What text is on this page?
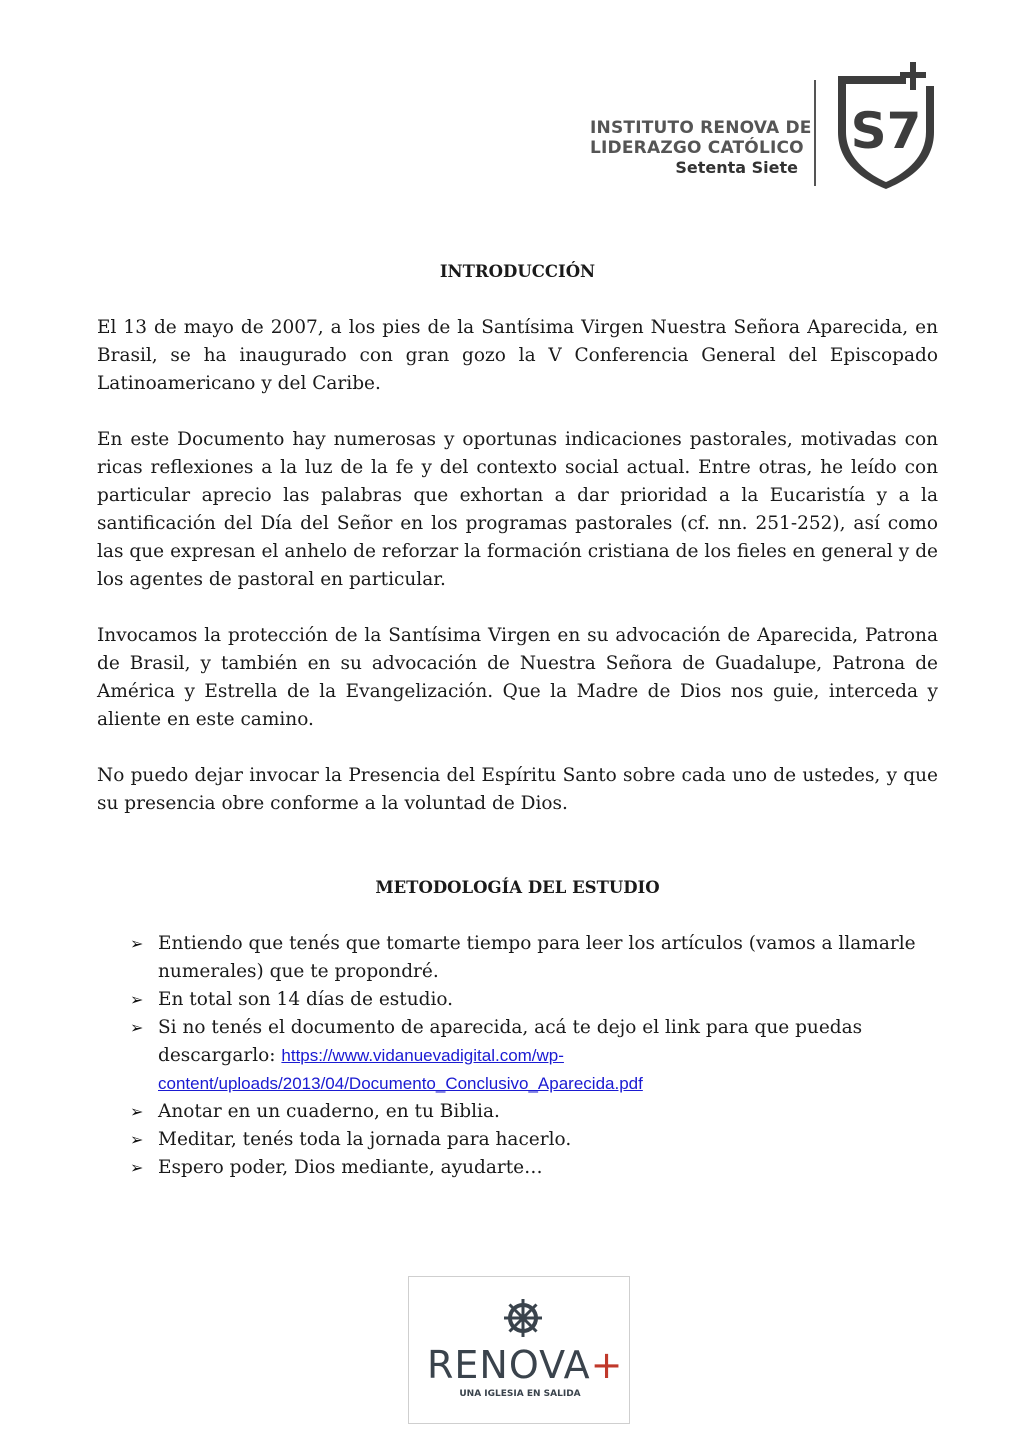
INSTITUTO RENOVA DE
LIDERAZGO CATÓLICO
Setenta Siete
S7

INTRODUCCIÓN

El 13 de mayo de 2007, a los pies de la Santísima Virgen Nuestra Señora Aparecida, en Brasil, se ha inaugurado con gran gozo la V Conferencia General del Episcopado Latinoamericano y del Caribe.

En este Documento hay numerosas y oportunas indicaciones pastorales, motivadas con ricas reflexiones a la luz de la fe y del contexto social actual. Entre otras, he leído con particular aprecio las palabras que exhortan a dar prioridad a la Eucaristía y a la santificación del Día del Señor en los programas pastorales (cf. nn. 251-252), así como las que expresan el anhelo de reforzar la formación cristiana de los fieles en general y de los agentes de pastoral en particular.

Invocamos la protección de la Santísima Virgen en su advocación de Aparecida, Patrona de Brasil, y también en su advocación de Nuestra Señora de Guadalupe, Patrona de América y Estrella de la Evangelización. Que la Madre de Dios nos guie, interceda y aliente en este camino.

No puedo dejar invocar la Presencia del Espíritu Santo sobre cada uno de ustedes, y que su presencia obre conforme a la voluntad de Dios.

METODOLOGÍA DEL ESTUDIO

➢ Entiendo que tenés que tomarte tiempo para leer los artículos (vamos a llamarle numerales) que te propondré.
➢ En total son 14 días de estudio.
➢ Si no tenés el documento de aparecida, acá te dejo el link para que puedas descargarlo: https://www.vidanuevadigital.com/wp-content/uploads/2013/04/Documento_Conclusivo_Aparecida.pdf
➢ Anotar en un cuaderno, en tu Biblia.
➢ Meditar, tenés toda la jornada para hacerlo.
➢ Espero poder, Dios mediante, ayudarte…
RENOVA+
UNA IGLESIA EN SALIDA
